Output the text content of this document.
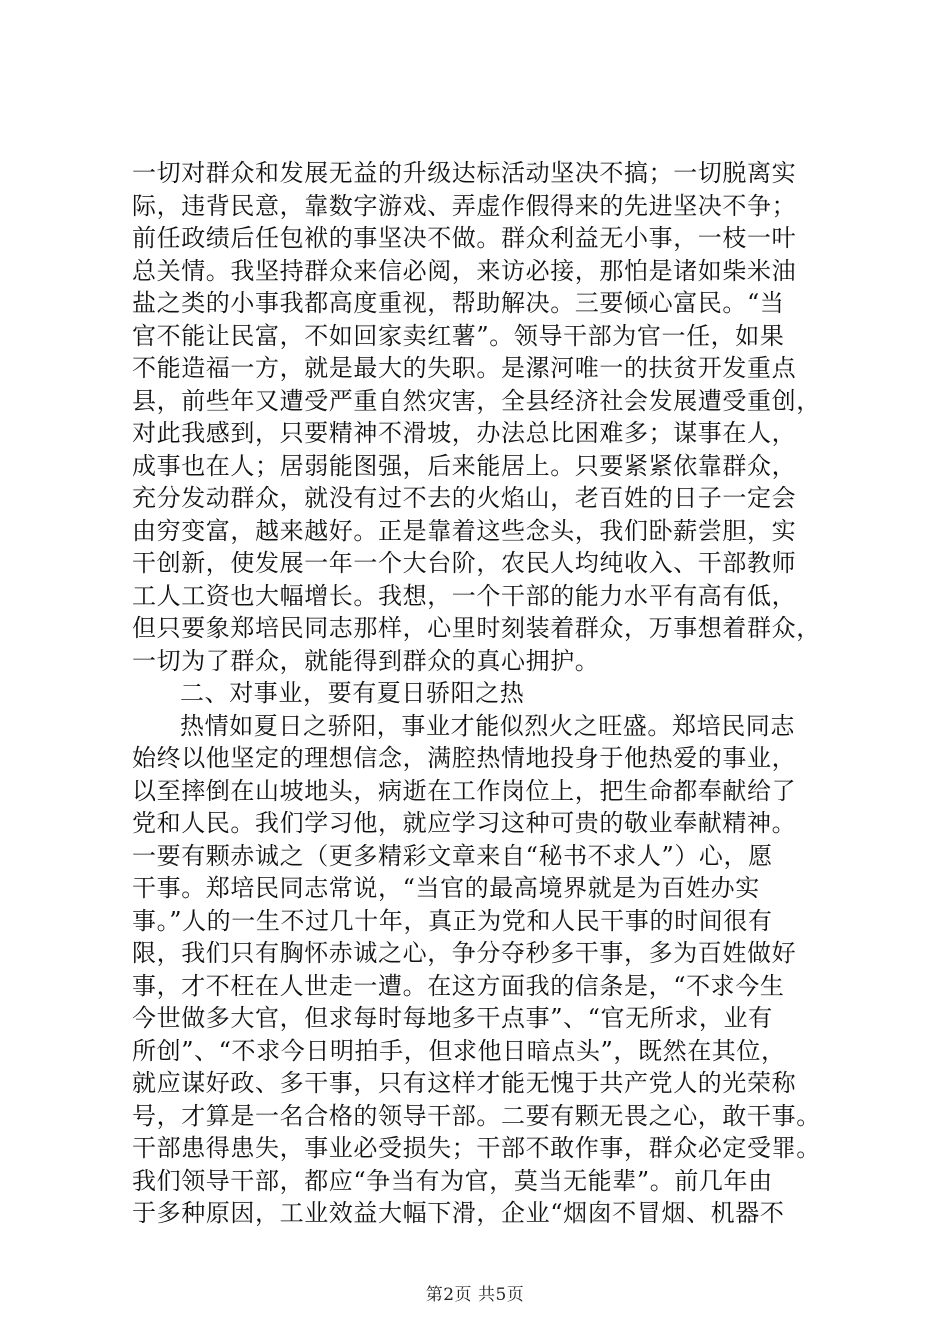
一切对群众和发展无益的升级达标活动坚决不搞；一切脱离实
际，违背民意，靠数字游戏、弄虚作假得来的先进坚决不争；
前任政绩后任包袱的事坚决不做。群众利益无小事，一枝一叶
总关情。我坚持群众来信必阅，来访必接，那怕是诸如柴米油
盐之类的小事我都高度重视，帮助解决。三要倾心富民。“当
官不能让民富，不如回家卖红薯”。领导干部为官一任，如果
不能造福一方，就是最大的失职。是漯河唯一的扶贫开发重点
县，前些年又遭受严重自然灾害，全县经济社会发展遭受重创，
对此我感到，只要精神不滑坡，办法总比困难多；谋事在人，
成事也在人；居弱能图强，后来能居上。只要紧紧依靠群众，
充分发动群众，就没有过不去的火焰山，老百姓的日子一定会
由穷变富，越来越好。正是靠着这些念头，我们卧薪尝胆，实
干创新，使发展一年一个大台阶，农民人均纯收入、干部教师
工人工资也大幅增长。我想，一个干部的能力水平有高有低，
但只要象郑培民同志那样，心里时刻装着群众，万事想着群众，
一切为了群众，就能得到群众的真心拥护。
二、对事业，要有夏日骄阳之热
热情如夏日之骄阳，事业才能似烈火之旺盛。郑培民同志
始终以他坚定的理想信念，满腔热情地投身于他热爱的事业，
以至摔倒在山坡地头，病逝在工作岗位上，把生命都奉献给了
党和人民。我们学习他，就应学习这种可贵的敬业奉献精神。
一要有颗赤诚之（更多精彩文章来自“秘书不求人”）心，愿
干事。郑培民同志常说，“当官的最高境界就是为百姓办实
事。”人的一生不过几十年，真正为党和人民干事的时间很有
限，我们只有胸怀赤诚之心，争分夺秒多干事，多为百姓做好
事，才不枉在人世走一遭。在这方面我的信条是，“不求今生
今世做多大官，但求每时每地多干点事”、“官无所求，业有
所创”、“不求今日明拍手，但求他日暗点头”，既然在其位，
就应谋好政、多干事，只有这样才能无愧于共产党人的光荣称
号，才算是一名合格的领导干部。二要有颗无畏之心，敢干事。
干部患得患失，事业必受损失；干部不敢作事，群众必定受罪。
我们领导干部，都应“争当有为官，莫当无能辈”。前几年由
于多种原因，工业效益大幅下滑，企业“烟囱不冒烟、机器不
第2页 共5页
